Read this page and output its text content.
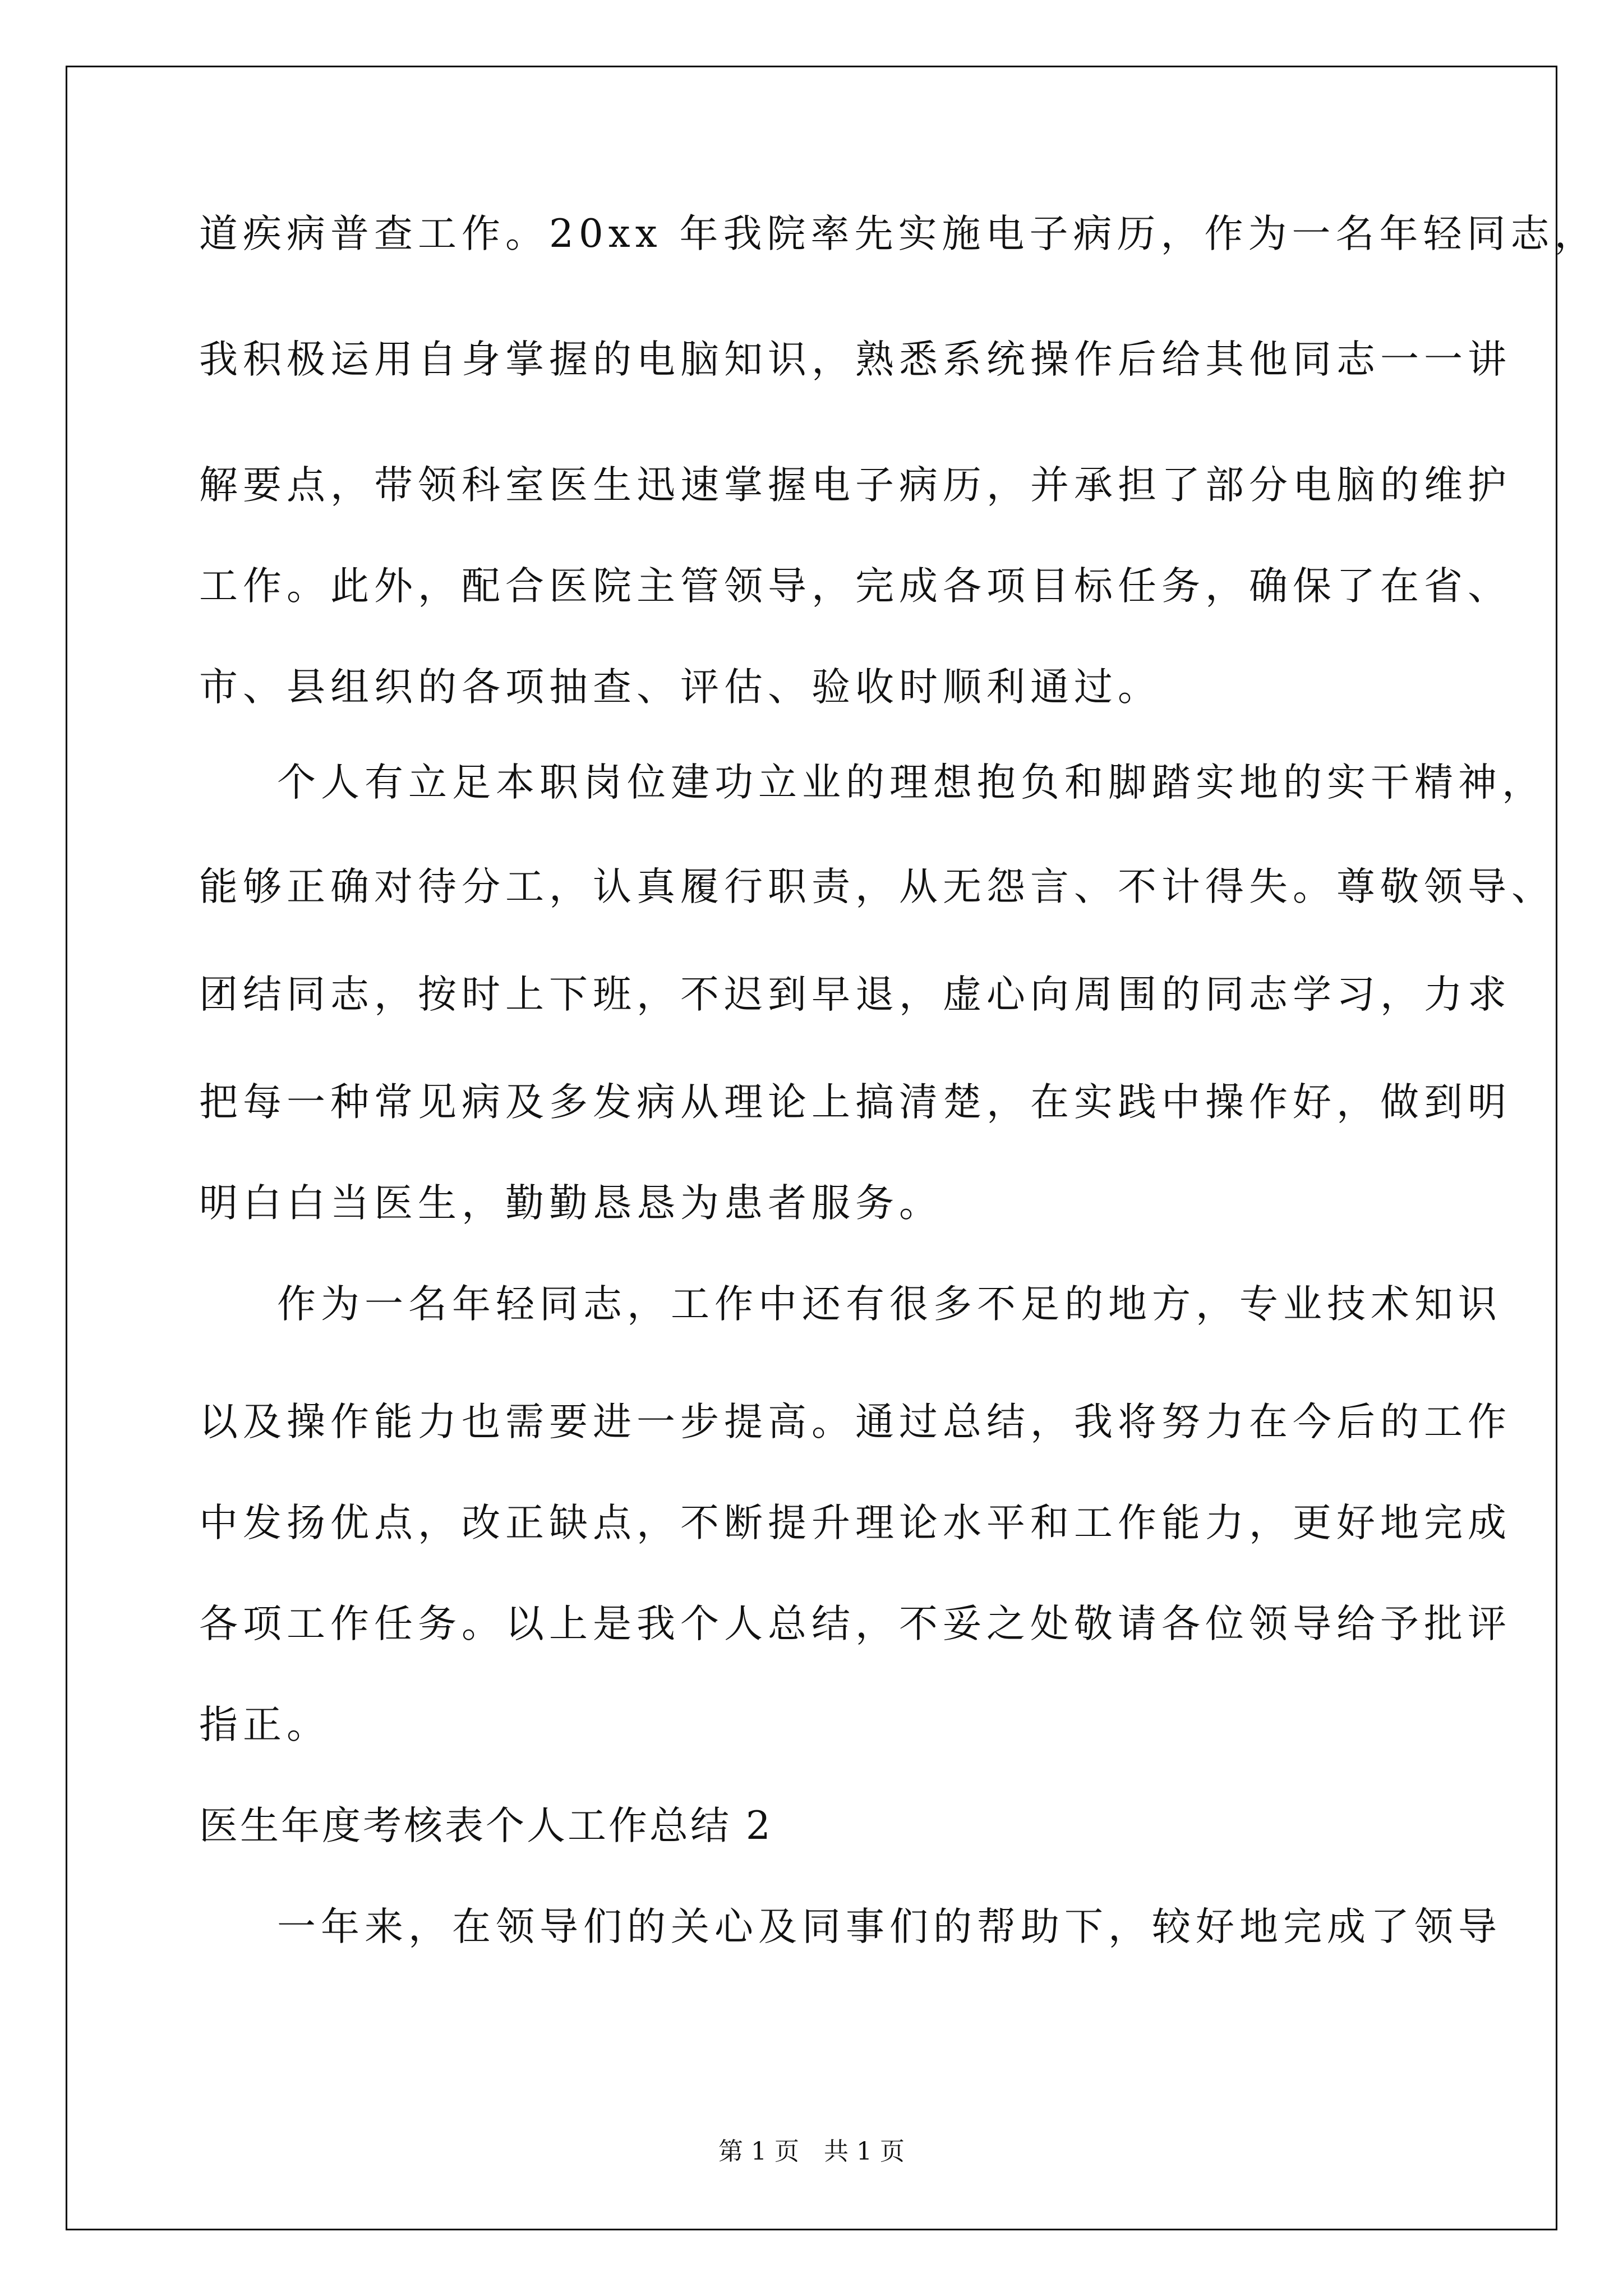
道疾病普查工作。20xx 年我院率先实施电子病历，作为一名年轻同志，
我积极运用自身掌握的电脑知识，熟悉系统操作后给其他同志一一讲
解要点，带领科室医生迅速掌握电子病历，并承担了部分电脑的维护
工作。此外，配合医院主管领导，完成各项目标任务，确保了在省、
市、县组织的各项抽查、评估、验收时顺利通过。
个人有立足本职岗位建功立业的理想抱负和脚踏实地的实干精神，
能够正确对待分工，认真履行职责，从无怨言、不计得失。尊敬领导、
团结同志，按时上下班，不迟到早退，虚心向周围的同志学习，力求
把每一种常见病及多发病从理论上搞清楚，在实践中操作好，做到明
明白白当医生，勤勤恳恳为患者服务。
作为一名年轻同志，工作中还有很多不足的地方，专业技术知识
以及操作能力也需要进一步提高。通过总结，我将努力在今后的工作
中发扬优点，改正缺点，不断提升理论水平和工作能力，更好地完成
各项工作任务。以上是我个人总结，不妥之处敬请各位领导给予批评
指正。
医生年度考核表个人工作总结 2
一年来，在领导们的关心及同事们的帮助下，较好地完成了领导
第 1 页　共 1 页
